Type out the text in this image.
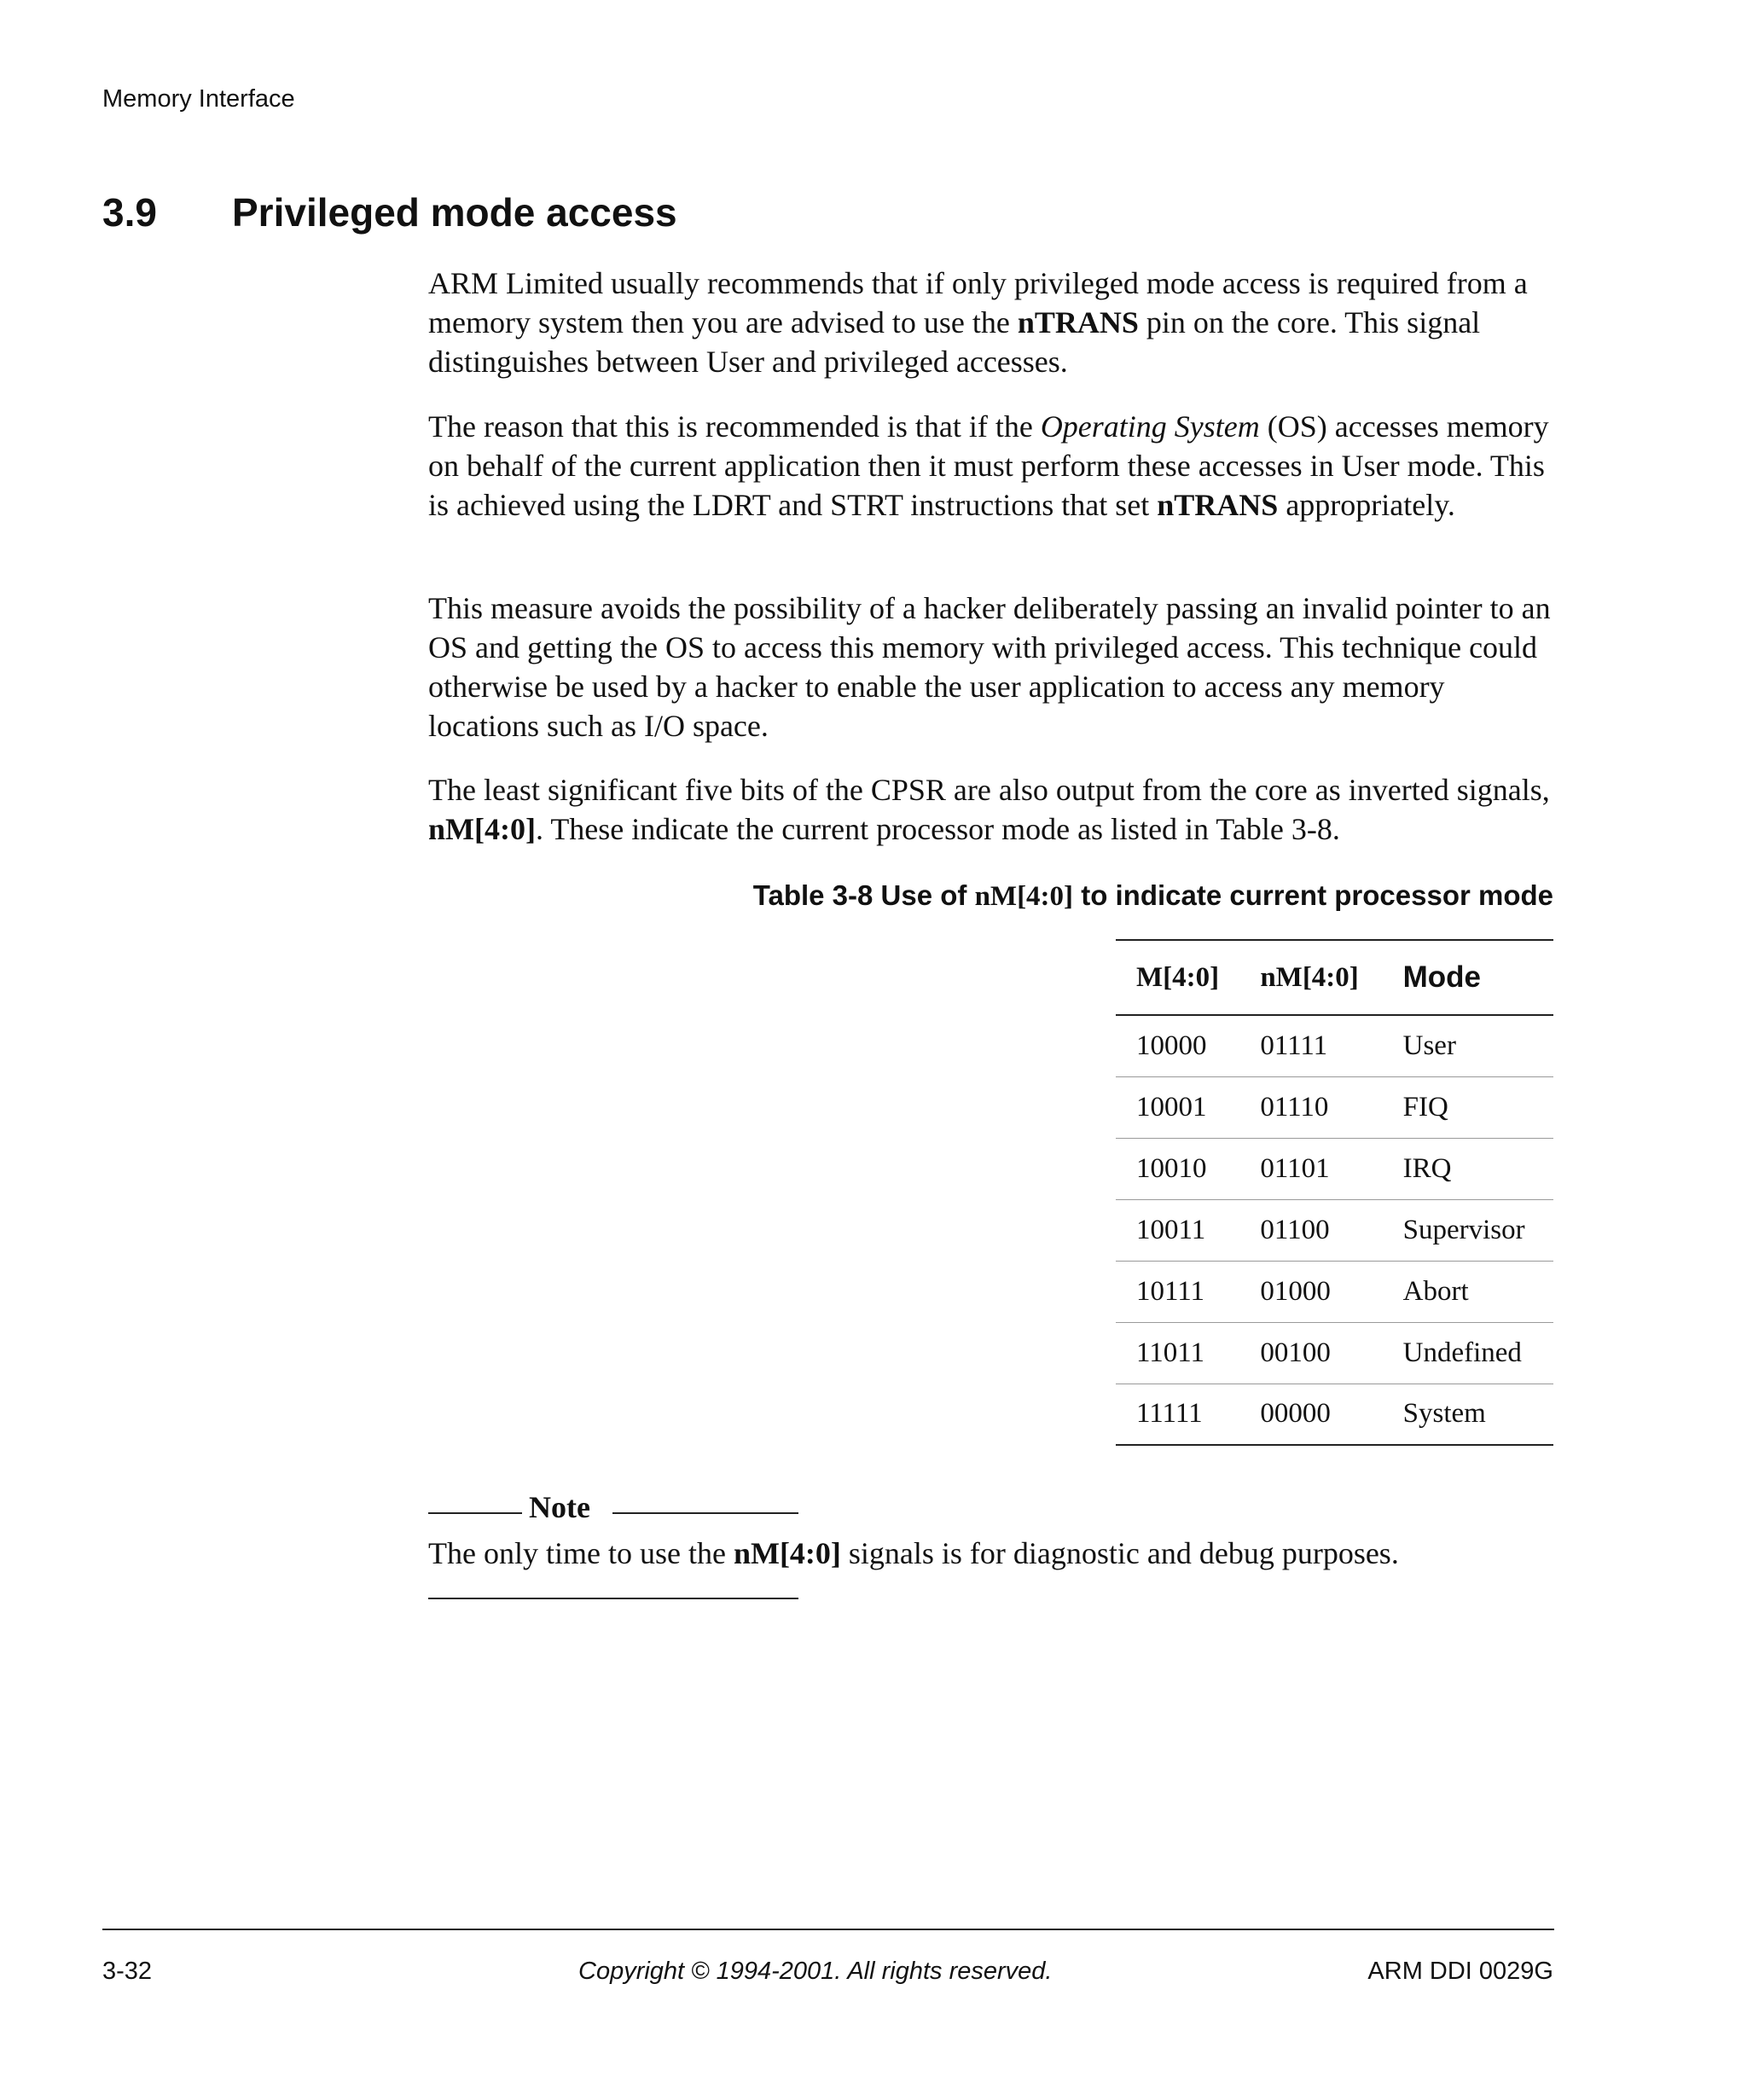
Memory Interface
3.9 Privileged mode access

ARM Limited usually recommends that if only privileged mode access is required from a memory system then you are advised to use the nTRANS pin on the core. This signal distinguishes between User and privileged accesses.

The reason that this is recommended is that if the Operating System (OS) accesses memory on behalf of the current application then it must perform these accesses in User mode. This is achieved using the LDRT and STRT instructions that set nTRANS appropriately.

This measure avoids the possibility of a hacker deliberately passing an invalid pointer to an OS and getting the OS to access this memory with privileged access. This technique could otherwise be used by a hacker to enable the user application to access any memory locations such as I/O space.

The least significant five bits of the CPSR are also output from the core as inverted signals, nM[4:0]. These indicate the current processor mode as listed in Table 3-8.

Table 3-8 Use of nM[4:0] to indicate current processor mode
M[4:0]	nM[4:0]	Mode
10000	01111	User
10001	01110	FIQ
10010	01101	IRQ
10011	01100	Supervisor
10111	01000	Abort
11011	00100	Undefined
11111	00000	System
Note

The only time to use the nM[4:0] signals is for diagnostic and debug purposes.

3-32	Copyright © 1994-2001. All rights reserved.	ARM DDI 0029G
